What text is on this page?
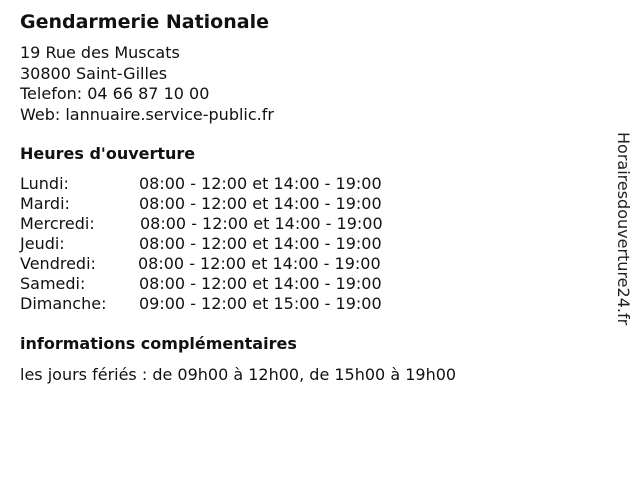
Gendarmerie Nationale
19 Rue des Muscats
30800 Saint-Gilles
Telefon: 04 66 87 10 00
Web: lannuaire.service-public.fr
Heures d'ouverture
Lundi:	08:00 - 12:00 et 14:00 - 19:00
Mardi:	08:00 - 12:00 et 14:00 - 19:00
Mercredi:	08:00 - 12:00 et 14:00 - 19:00
Jeudi:	08:00 - 12:00 et 14:00 - 19:00
Vendredi:	08:00 - 12:00 et 14:00 - 19:00
Samedi:	08:00 - 12:00 et 14:00 - 19:00
Dimanche: 09:00 - 12:00 et 15:00 - 19:00
informations complémentaires
les jours fériés : de 09h00 à 12h00, de 15h00 à 19h00
Horairesdouverture24.fr
